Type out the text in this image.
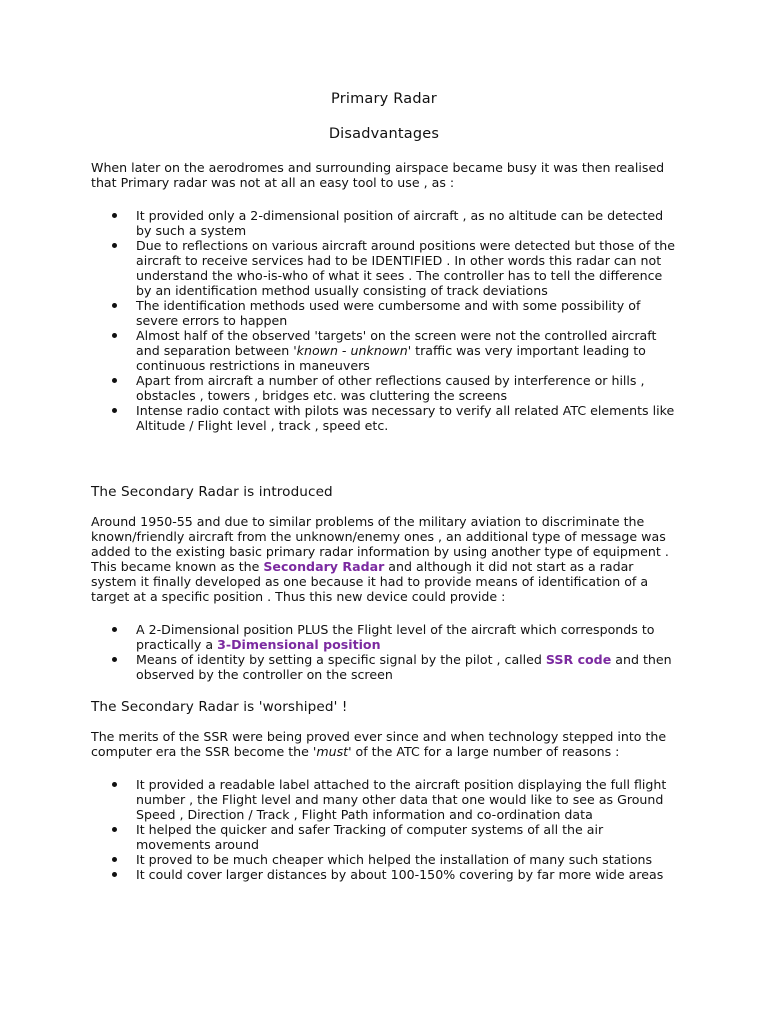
Primary Radar
Disadvantages

When later on the aerodromes and surrounding airspace became busy it was then realised
that Primary radar was not at all an easy tool to use , as :

It provided only a 2-dimensional position of aircraft , as no altitude can be detected
by such a system
Due to reflections on various aircraft around positions were detected but those of the
aircraft to receive services had to be IDENTIFIED . In other words this radar can not
understand the who-is-who of what it sees . The controller has to tell the difference
by an identification method usually consisting of track deviations
The identification methods used were cumbersome and with some possibility of
severe errors to happen
Almost half of the observed 'targets' on the screen were not the controlled aircraft
and separation between 'known - unknown' traffic was very important leading to
continuous restrictions in maneuvers
Apart from aircraft a number of other reflections caused by interference or hills ,
obstacles , towers , bridges etc. was cluttering the screens
Intense radio contact with pilots was necessary to verify all related ATC elements like
Altitude / Flight level , track , speed etc.
The Secondary Radar is introduced

Around 1950-55 and due to similar problems of the military aviation to discriminate the
known/friendly aircraft from the unknown/enemy ones , an additional type of message was
added to the existing basic primary radar information by using another type of equipment .
This became known as the Secondary Radar and although it did not start as a radar
system it finally developed as one because it had to provide means of identification of a
target at a specific position . Thus this new device could provide :

A 2-Dimensional position PLUS the Flight level of the aircraft which corresponds to
practically a 3-Dimensional position
Means of identity by setting a specific signal by the pilot , called SSR code and then
observed by the controller on the screen
The Secondary Radar is 'worshiped' !

The merits of the SSR were being proved ever since and when technology stepped into the
computer era the SSR become the 'must' of the ATC for a large number of reasons :

It provided a readable label attached to the aircraft position displaying the full flight
number , the Flight level and many other data that one would like to see as Ground
Speed , Direction / Track , Flight Path information and co-ordination data
It helped the quicker and safer Tracking of computer systems of all the air
movements around
It proved to be much cheaper which helped the installation of many such stations
It could cover larger distances by about 100-150% covering by far more wide areas
